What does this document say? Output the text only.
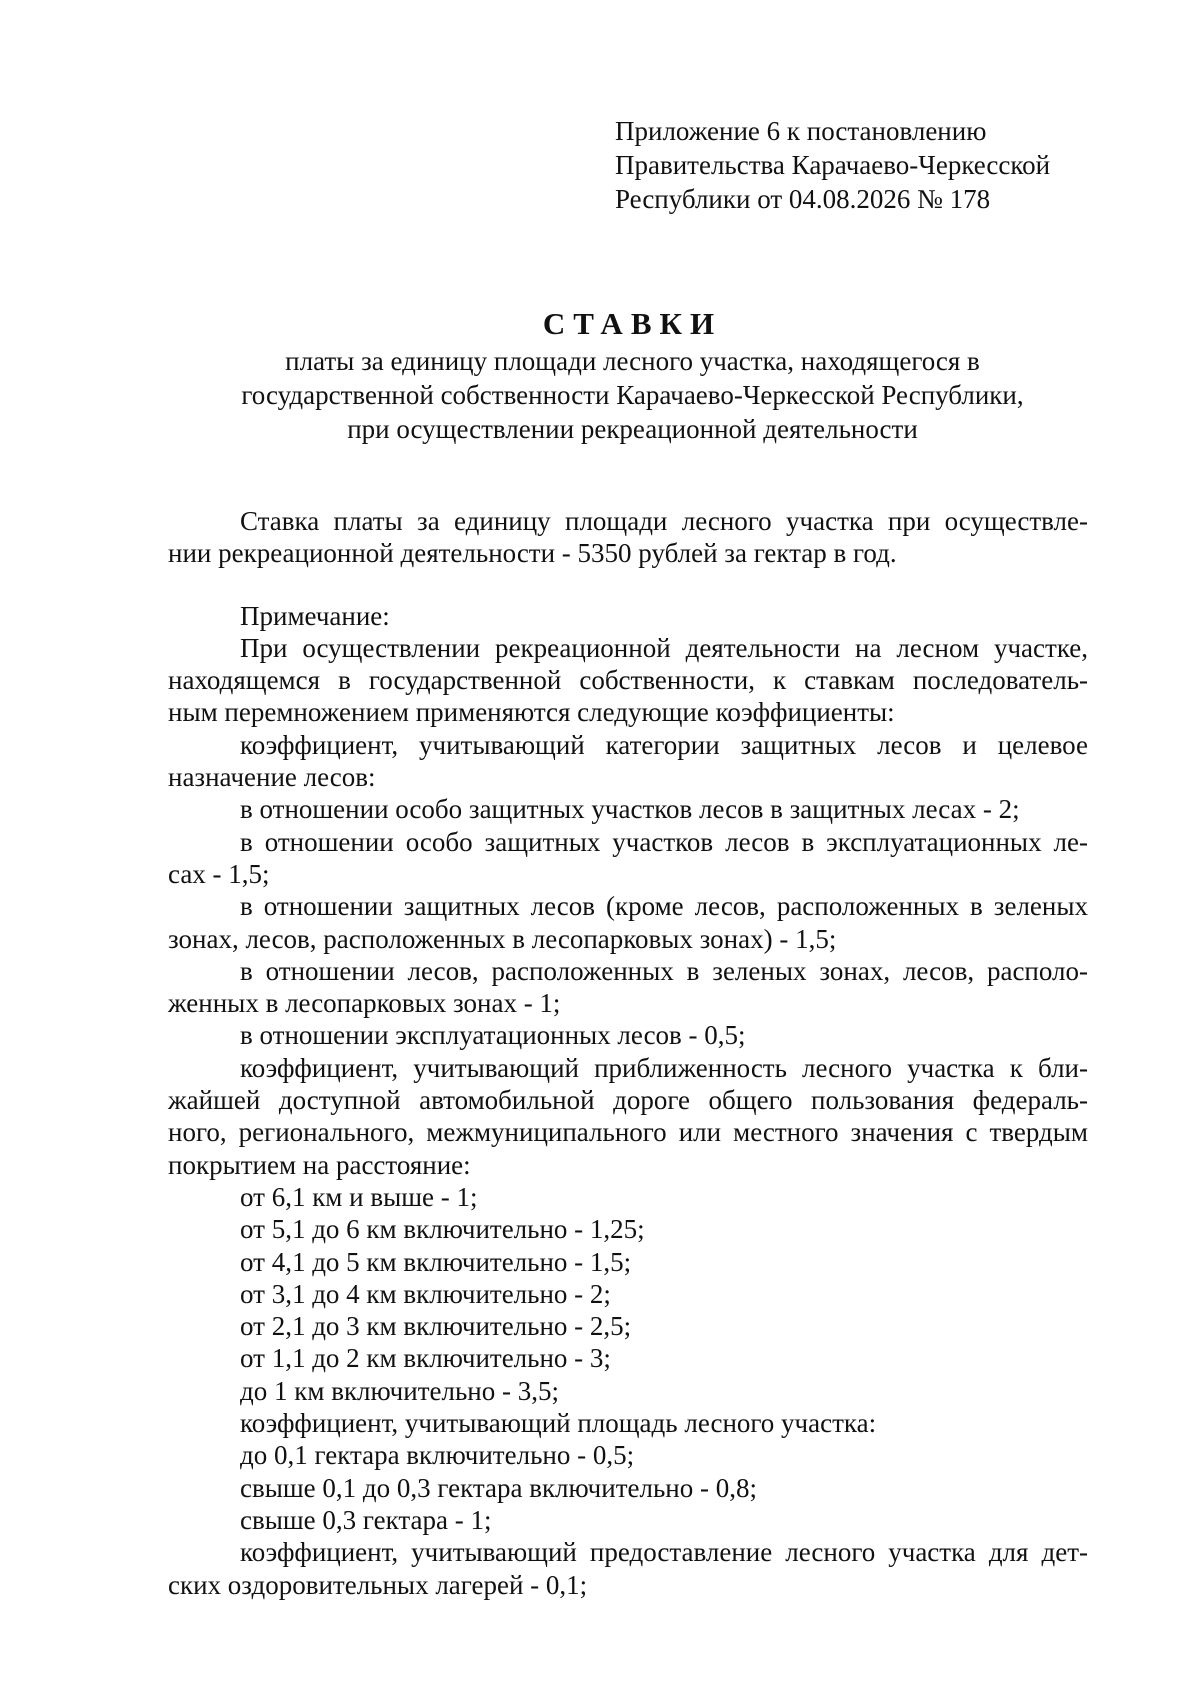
Приложение 6 к постановлению
Правительства Карачаево-Черкесской
Республики от 04.08.2026 № 178
СТАВКИ
платы за единицу площади лесного участка, находящегося в
государственной собственности Карачаево-Черкесской Республики,
при осуществлении рекреационной деятельности
Ставка платы за единицу площади лесного участка при осуществле-
нии рекреационной деятельности - 5350 рублей за гектар в год.
Примечание:
При осуществлении рекреационной деятельности на лесном участке,
находящемся в государственной собственности, к ставкам последователь-
ным перемножением применяются следующие коэффициенты:
коэффициент, учитывающий категории защитных лесов и целевое
назначение лесов:
в отношении особо защитных участков лесов в защитных лесах - 2;
в отношении особо защитных участков лесов в эксплуатационных ле-
сах - 1,5;
в отношении защитных лесов (кроме лесов, расположенных в зеленых
зонах, лесов, расположенных в лесопарковых зонах) - 1,5;
в отношении лесов, расположенных в зеленых зонах, лесов, располо-
женных в лесопарковых зонах - 1;
в отношении эксплуатационных лесов - 0,5;
коэффициент, учитывающий приближенность лесного участка к бли-
жайшей доступной автомобильной дороге общего пользования федераль-
ного, регионального, межмуниципального или местного значения с твердым
покрытием на расстояние:
от 6,1 км и выше - 1;
от 5,1 до 6 км включительно - 1,25;
от 4,1 до 5 км включительно - 1,5;
от 3,1 до 4 км включительно - 2;
от 2,1 до 3 км включительно - 2,5;
от 1,1 до 2 км включительно - 3;
до 1 км включительно - 3,5;
коэффициент, учитывающий площадь лесного участка:
до 0,1 гектара включительно - 0,5;
свыше 0,1 до 0,3 гектара включительно - 0,8;
свыше 0,3 гектара - 1;
коэффициент, учитывающий предоставление лесного участка для дет-
ских оздоровительных лагерей - 0,1;
